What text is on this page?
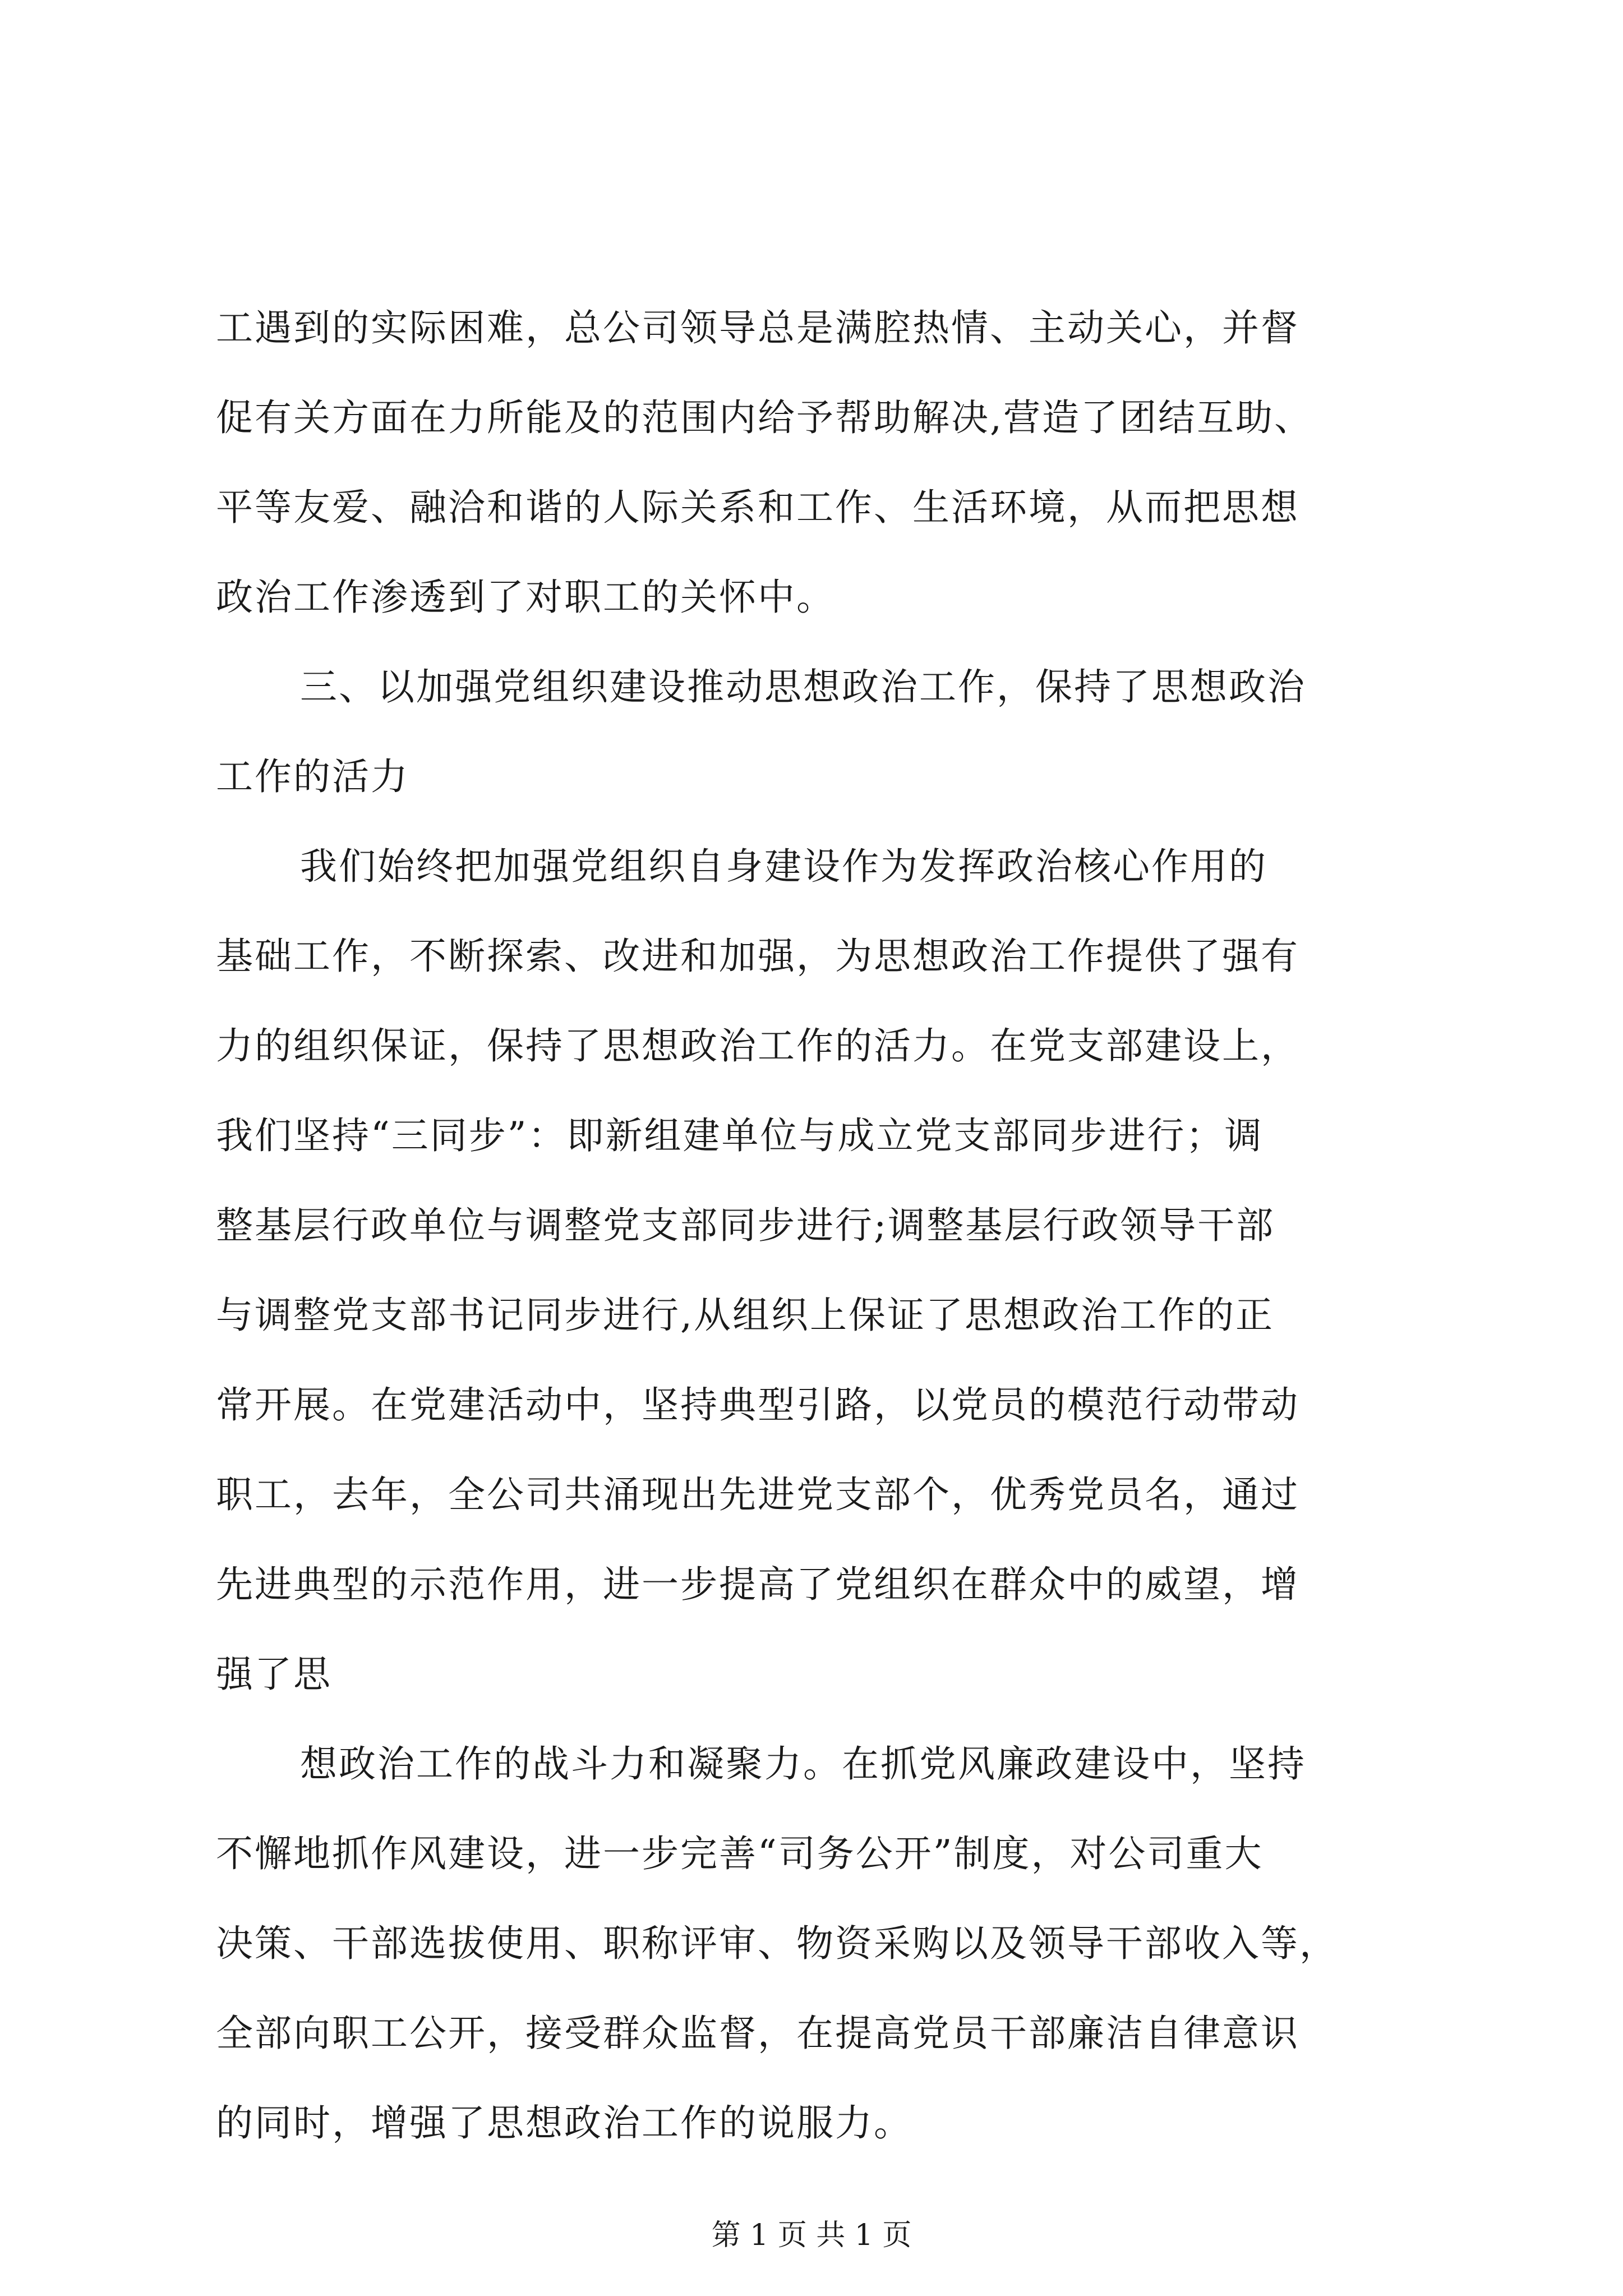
工遇到的实际困难，总公司领导总是满腔热情、主动关心，并督
促有关方面在力所能及的范围内给予帮助解决,营造了团结互助、
平等友爱、融洽和谐的人际关系和工作、生活环境，从而把思想
政治工作渗透到了对职工的关怀中。
三、以加强党组织建设推动思想政治工作，保持了思想政治
工作的活力
我们始终把加强党组织自身建设作为发挥政治核心作用的
基础工作，不断探索、改进和加强，为思想政治工作提供了强有
力的组织保证，保持了思想政治工作的活力。在党支部建设上，
我们坚持“三同步”：即新组建单位与成立党支部同步进行；调
整基层行政单位与调整党支部同步进行;调整基层行政领导干部
与调整党支部书记同步进行,从组织上保证了思想政治工作的正
常开展。在党建活动中，坚持典型引路，以党员的模范行动带动
职工，去年，全公司共涌现出先进党支部个，优秀党员名，通过
先进典型的示范作用，进一步提高了党组织在群众中的威望，增
强了思
想政治工作的战斗力和凝聚力。在抓党风廉政建设中，坚持
不懈地抓作风建设，进一步完善“司务公开”制度，对公司重大
决策、干部选拔使用、职称评审、物资采购以及领导干部收入等，
全部向职工公开，接受群众监督，在提高党员干部廉洁自律意识
的同时，增强了思想政治工作的说服力。
第 1 页 共 1 页
